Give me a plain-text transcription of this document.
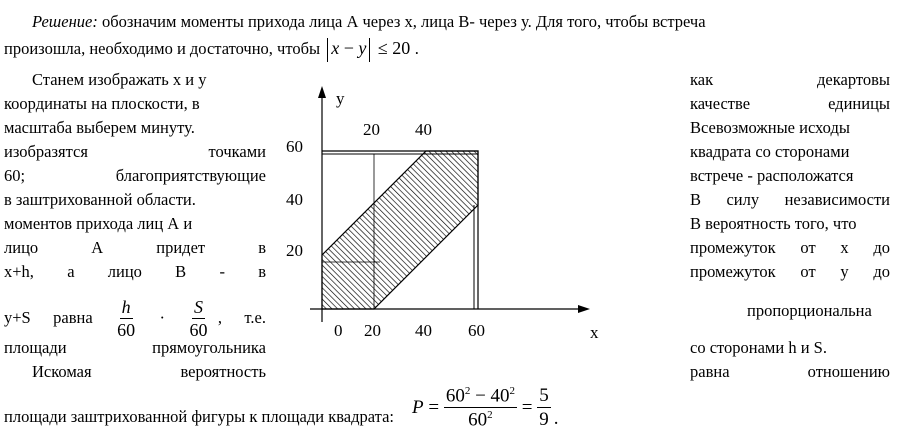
Решение: обозначим моменты прихода лица А через х, лица В- через у. Для того, чтобы встреча
произошла, необходимо и достаточно, чтобы x − y ≤ 20 .
Станем изображать х и у
координаты на плоскости, в
масштаба выберем минуту.
изобразятся	точками
60;	благоприятствующие
в заштрихованной области.
моментов прихода лиц А и
лицо	А	придет	в
x+h, а лицо В - в
у+S равна $\frac{h}{60} \cdot \frac{S}{60}$ , т.е.
площади	прямоугольника
Искомая	вероятность
как	декартовы
качестве	единицы
Всевозможные исходы
квадрата со сторонами
встрече - расположатся
В силу независимости
В вероятность того, что
промежуток от х до
промежуток от у до
пропорциональна
со сторонами h и S.
равна	отношению
у
х
20 40
60
40
20
0 20 40 60
площади заштрихованной фигуры к площади квадрата: P
=
$\frac{60^2 - 40^2}{60^2}$
=
$\frac{5}{9}$ .
